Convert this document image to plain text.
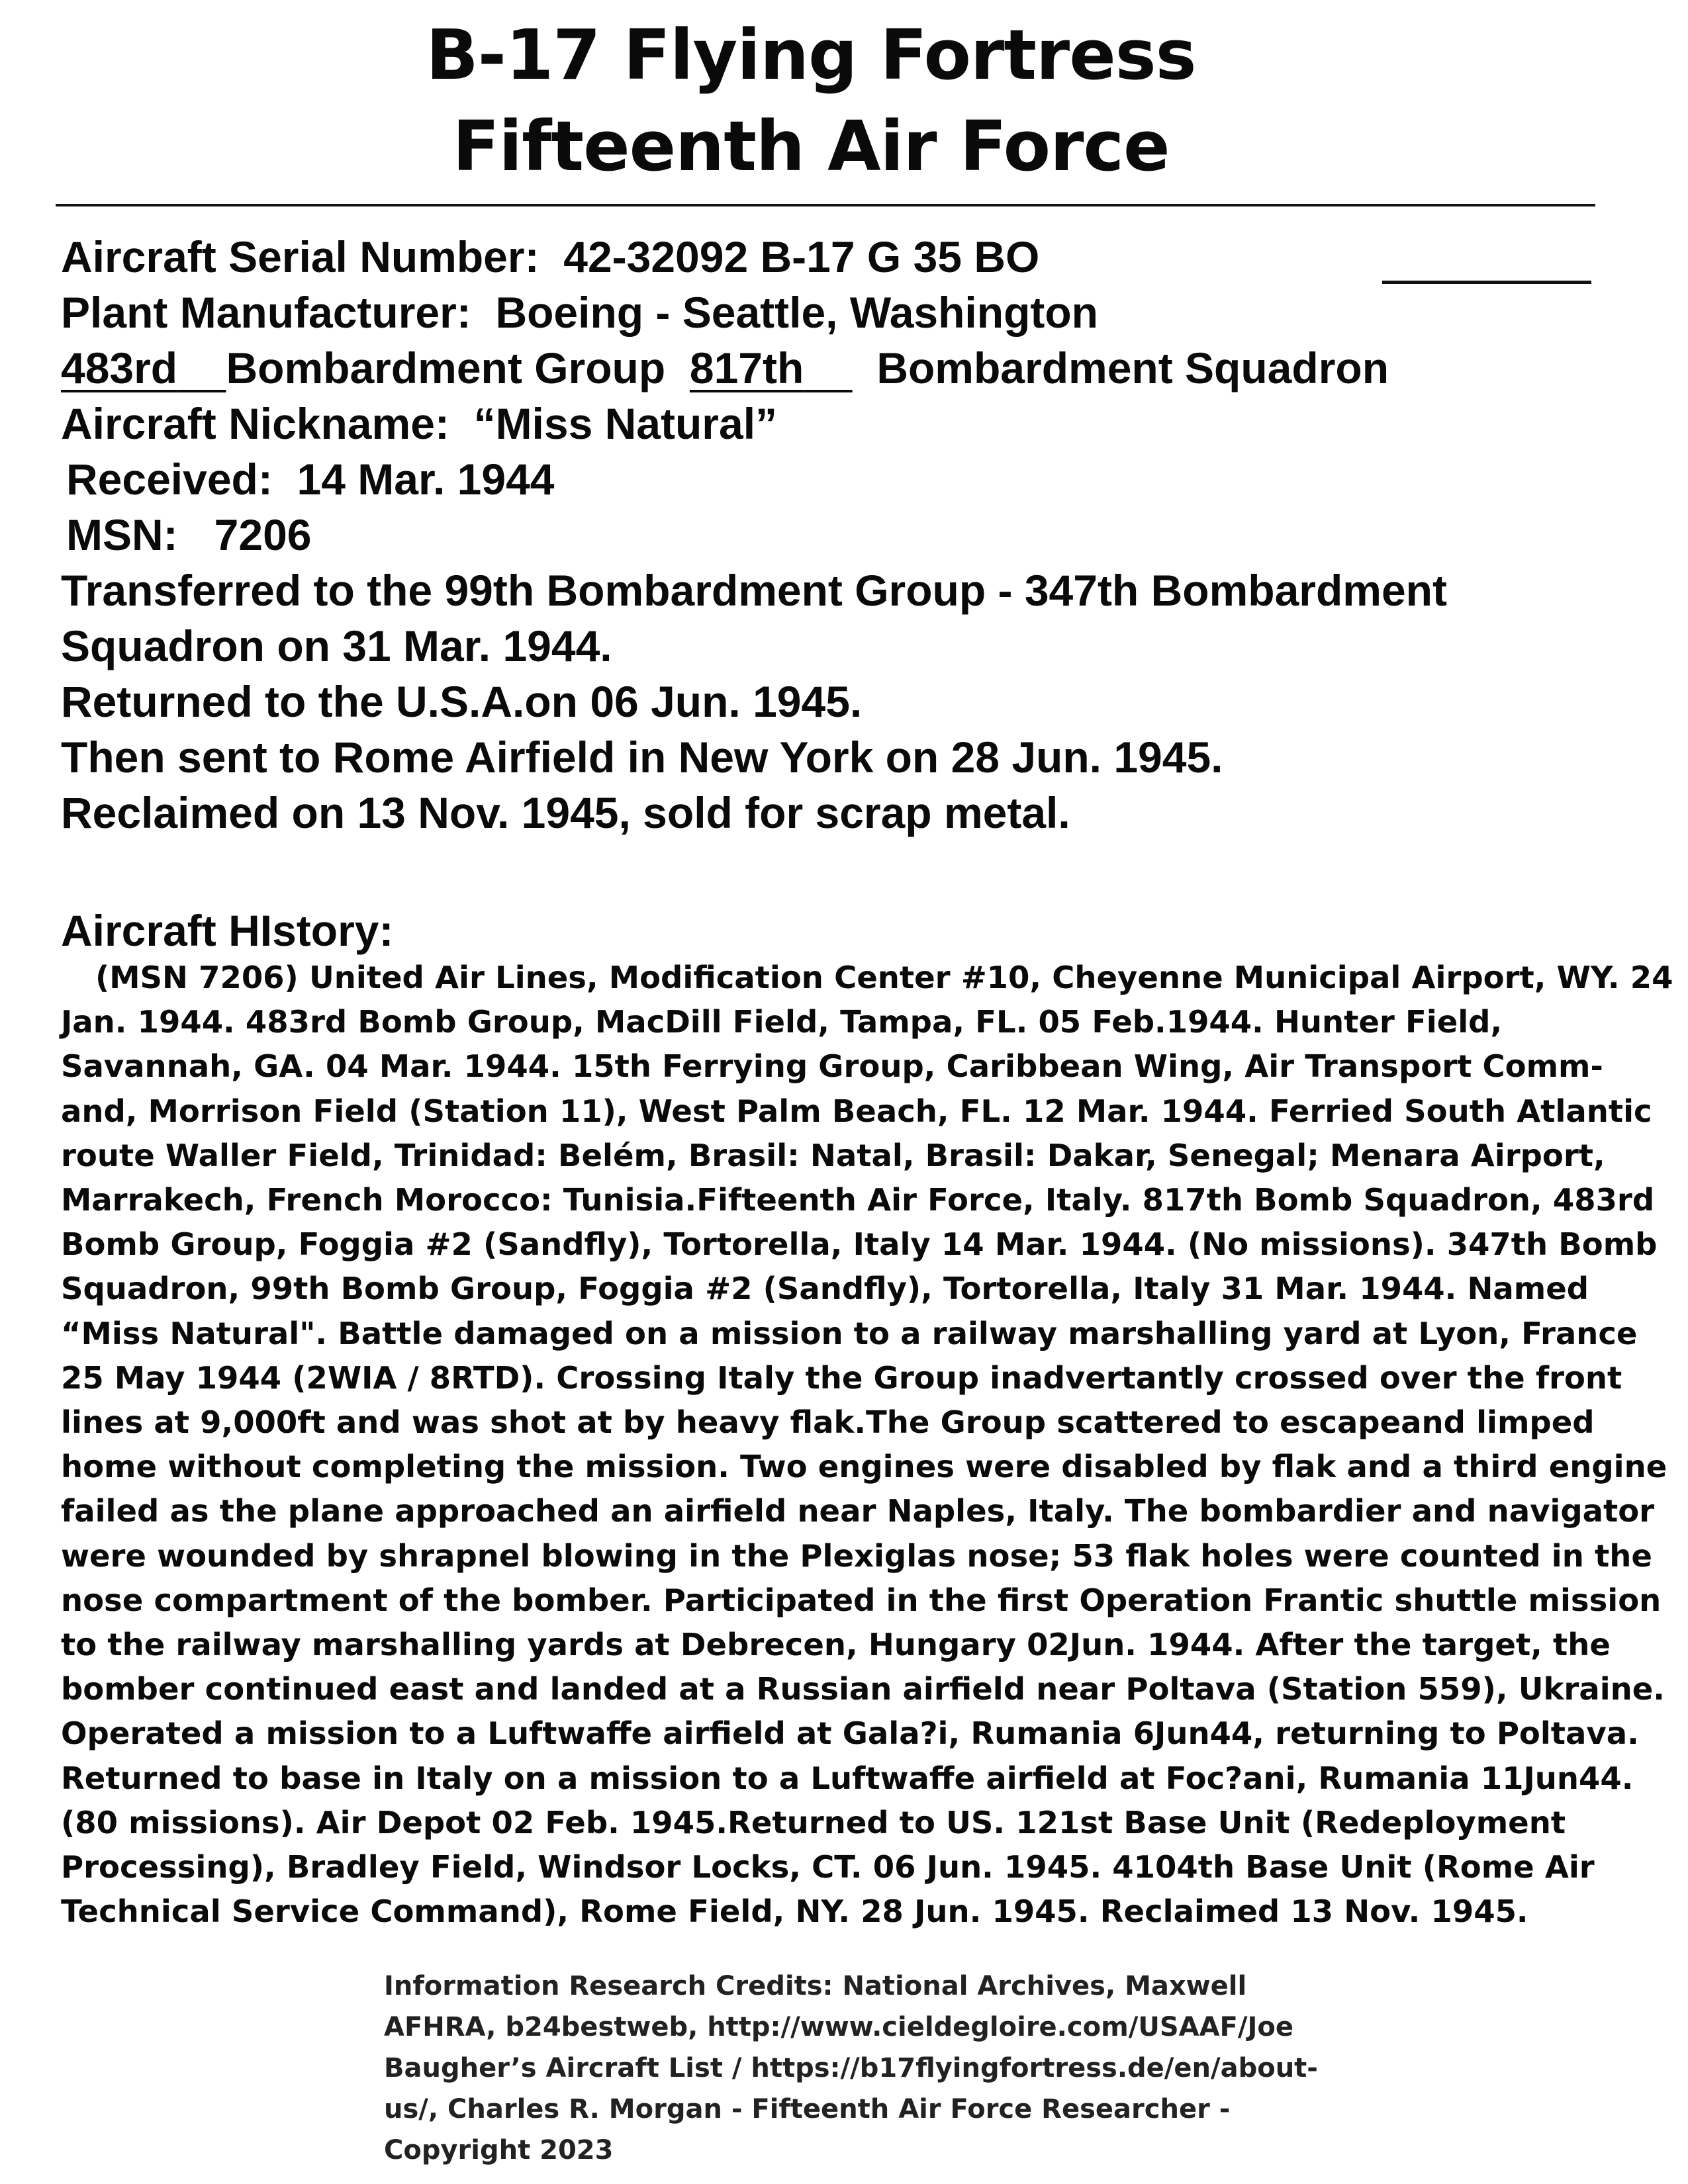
B-17 Flying Fortress
Fifteenth Air Force

Aircraft Serial Number: 42-32092 B-17 G 35 BO

Plant Manufacturer: Boeing - Seattle, Washington

483rd Bombardment Group 817th Bombardment Squadron

Aircraft Nickname: “Miss Natural”

Received: 14 Mar. 1944

MSN: 7206

Transferred to the 99th Bombardment Group - 347th Bombardment

Squadron on 31 Mar. 1944.

Returned to the U.S.A.on 06 Jun. 1945.

Then sent to Rome Airfield in New York on 28 Jun. 1945.

Reclaimed on 13 Nov. 1945, sold for scrap metal.

Aircraft HIstory:

(MSN 7206) United Air Lines, Modification Center #10, Cheyenne Municipal Airport, WY. 24 Jan. 1944. 483rd Bomb Group, MacDill Field, Tampa, FL. 05 Feb.1944. Hunter Field, Savannah, GA. 04 Mar. 1944. 15th Ferrying Group, Caribbean Wing, Air Transport Comm-and, Morrison Field (Station 11), West Palm Beach, FL. 12 Mar. 1944. Ferried South Atlantic route Waller Field, Trinidad: Belém, Brasil: Natal, Brasil: Dakar, Senegal; Menara Airport, Marrakech, French Morocco: Tunisia.Fifteenth Air Force, Italy. 817th Bomb Squadron, 483rd Bomb Group, Foggia #2 (Sandfly), Tortorella, Italy 14 Mar. 1944. (No missions). 347th Bomb Squadron, 99th Bomb Group, Foggia #2 (Sandfly), Tortorella, Italy 31 Mar. 1944. Named “Miss Natural". Battle damaged on a mission to a railway marshalling yard at Lyon, France 25 May 1944 (2WIA / 8RTD). Crossing Italy the Group inadvertantly crossed over the front lines at 9,000ft and was shot at by heavy flak.The Group scattered to escapeand limped home without completing the mission. Two engines were disabled by flak and a third engine failed as the plane approached an airfield near Naples, Italy. The bombardier and navigator were wounded by shrapnel blowing in the Plexiglas nose; 53 flak holes were counted in the nose compartment of the bomber. Participated in the first Operation Frantic shuttle mission to the railway marshalling yards at Debrecen, Hungary 02Jun. 1944. After the target, the bomber continued east and landed at a Russian airfield near Poltava (Station 559), Ukraine. Operated a mission to a Luftwaffe airfield at Gala?i, Rumania 6Jun44, returning to Poltava. Returned to base in Italy on a mission to a Luftwaffe airfield at Foc?ani, Rumania 11Jun44. (80 missions). Air Depot 02 Feb. 1945.Returned to US. 121st Base Unit (Redeployment Processing), Bradley Field, Windsor Locks, CT. 06 Jun. 1945. 4104th Base Unit (Rome Air Technical Service Command), Rome Field, NY. 28 Jun. 1945. Reclaimed 13 Nov. 1945.

Information Research Credits: National Archives, Maxwell AFHRA, b24bestweb, http://www.cieldegloire.com/USAAF/Joe Baugher’s Aircraft List / https://b17flyingfortress.de/en/about-us/, Charles R. Morgan - Fifteenth Air Force Researcher - Copyright 2023
